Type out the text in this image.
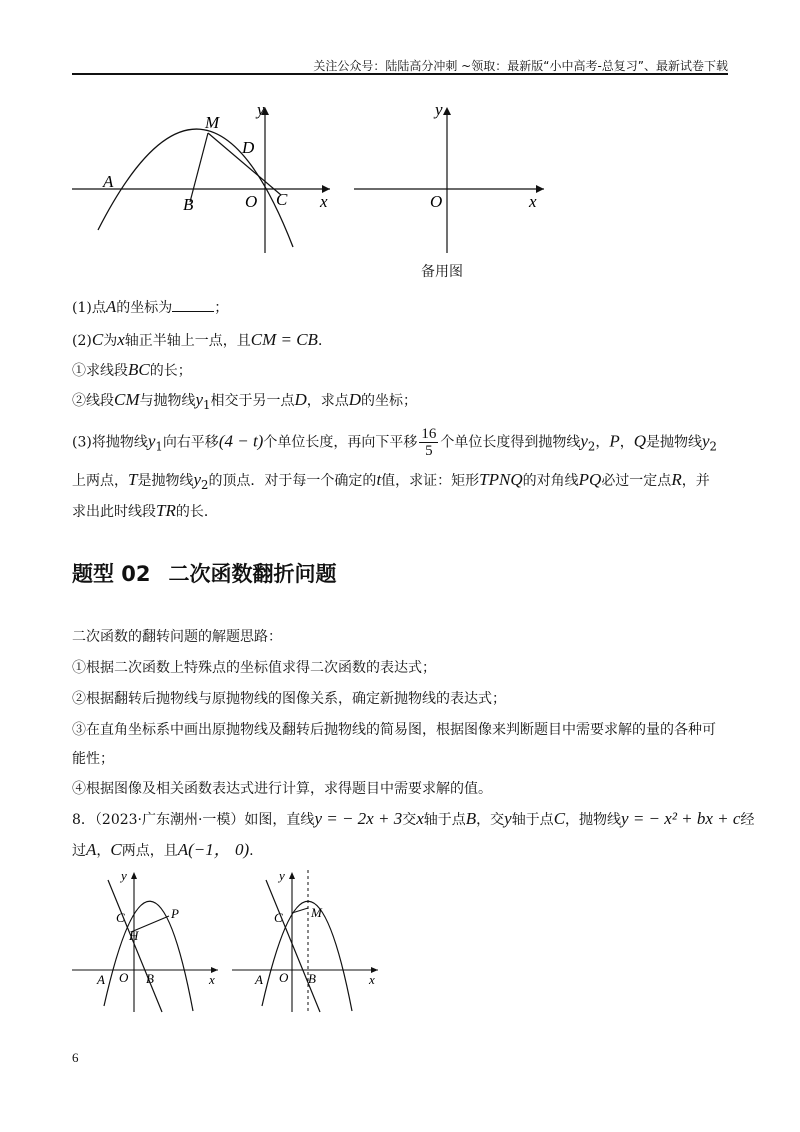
关注公众号：陆陆高分冲刺 ~领取：最新版“小中高考-总复习”、最新试卷下载
y
M
D
A
B	O C x
y
O	x
备用图
(1)点A的坐标为	；
(2)C为x轴正半轴上一点，且CM = CB．
①求线段BC的长；
②线段CM与抛物线$y_1$相交于另一点D，求点D的坐标；
(3)将抛物线$y_1$向右平移(4 − t)个单位长度，再向下平移 $\frac{16}{5}$ 个单位长度得到抛物线$y_2$，P，Q是抛物线$y_2$
上两点，T是抛物线$y_2$的顶点．对于每一个确定的t值，求证：矩形TPNQ的对角线PQ必过一定点R，并
求出此时线段TR的长．
题型 02 二次函数翻折问题
二次函数的翻转问题的解题思路：
①根据二次函数上特殊点的坐标值求得二次函数的表达式；
②根据翻转后抛物线与原抛物线的图像关系，确定新抛物线的表达式；
③在直角坐标系中画出原抛物线及翻转后抛物线的简易图，根据图像来判断题目中需要求解的量的各种可
能性；
④根据图像及相关函数表达式进行计算，求得题目中需要求解的值。
8．（2023·广东潮州·一模）如图，直线y = − 2x + 3交x轴于点B，交y轴于点C，抛物线y = − x² + bx + c经
过A，C两点，且A(−1， 0).
y
C	P
H
A O B	x
y
C M
A O B	x
6
